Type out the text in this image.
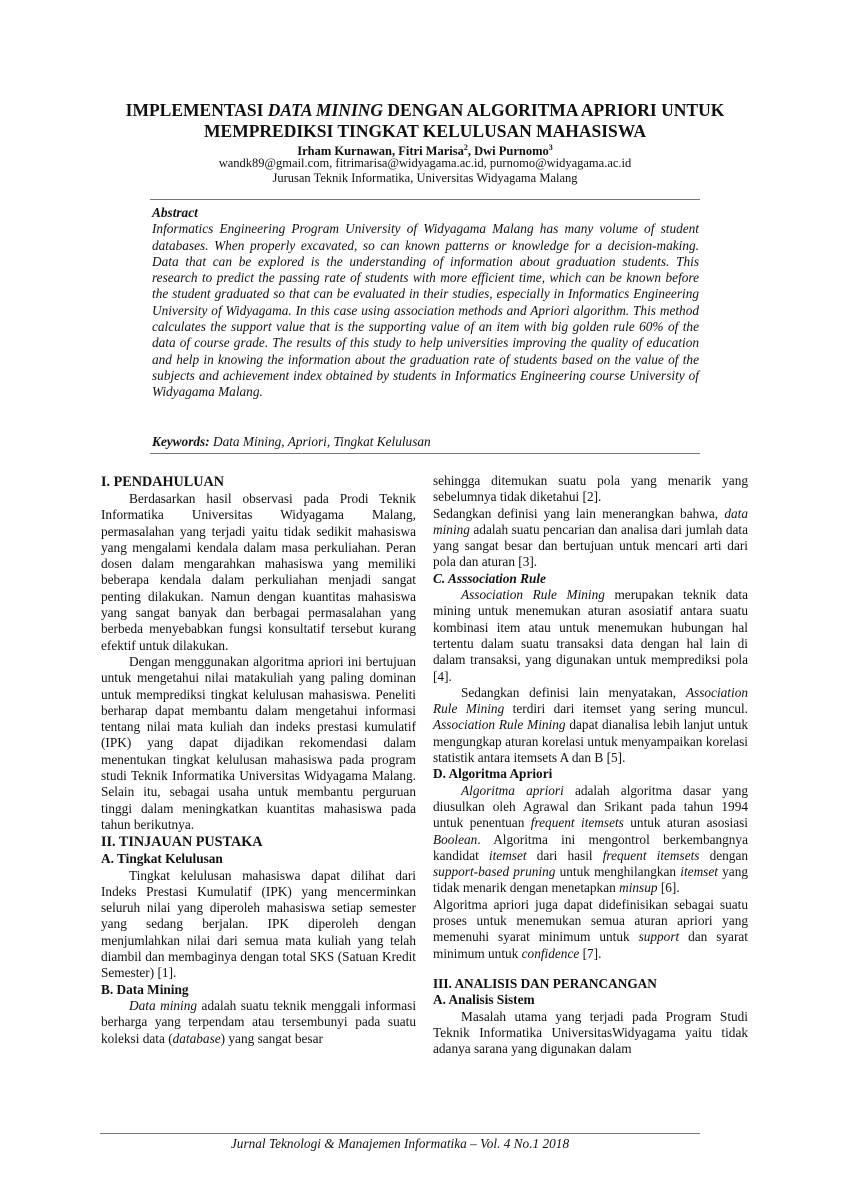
IMPLEMENTASI DATA MINING DENGAN ALGORITMA APRIORI UNTUK
MEMPREDIKSI TINGKAT KELULUSAN MAHASISWA
Irham Kurnawan, Fitri Marisa$^2$, Dwi Purnomo$^3$
wandk89@gmail.com, fitrimarisa@widyagama.ac.id, purnomo@widyagama.ac.id
Jurusan Teknik Informatika, Universitas Widyagama Malang
Abstract
Informatics Engineering Program University of Widyagama Malang has many volume of student databases. When properly excavated, so can known patterns or knowledge for a decision-making. Data that can be explored is the understanding of information about graduation students. This research to predict the passing rate of students with more efficient time, which can be known before the student graduated so that can be evaluated in their studies, especially in Informatics Engineering University of Widyagama. In this case using association methods and Apriori algorithm. This method calculates the support value that is the supporting value of an item with big golden rule 60% of the data of course grade. The results of this study to help universities improving the quality of education and help in knowing the information about the graduation rate of students based on the value of the subjects and achievement index obtained by students in Informatics Engineering course University of Widyagama Malang.
Keywords: Data Mining, Apriori, Tingkat Kelulusan

I. PENDAHULUAN

Berdasarkan hasil observasi pada Prodi Teknik Informatika Universitas Widyagama Malang, permasalahan yang terjadi yaitu tidak sedikit mahasiswa yang mengalami kendala dalam masa perkuliahan. Peran dosen dalam mengarahkan mahasiswa yang memiliki beberapa kendala dalam perkuliahan menjadi sangat penting dilakukan. Namun dengan kuantitas mahasiswa yang sangat banyak dan berbagai permasalahan yang berbeda menyebabkan fungsi konsultatif tersebut kurang efektif untuk dilakukan.

Dengan menggunakan algoritma apriori ini bertujuan untuk mengetahui nilai matakuliah yang paling dominan untuk memprediksi tingkat kelulusan mahasiswa. Peneliti berharap dapat membantu dalam mengetahui informasi tentang nilai mata kuliah dan indeks prestasi kumulatif (IPK) yang dapat dijadikan rekomendasi dalam menentukan tingkat kelulusan mahasiswa pada program studi Teknik Informatika Universitas Widyagama Malang. Selain itu, sebagai usaha untuk membantu perguruan tinggi dalam meningkatkan kuantitas mahasiswa pada tahun berikutnya.

II. TINJAUAN PUSTAKA

A. Tingkat Kelulusan

Tingkat kelulusan mahasiswa dapat dilihat dari Indeks Prestasi Kumulatif (IPK) yang mencerminkan seluruh nilai yang diperoleh mahasiswa setiap semester yang sedang berjalan. IPK diperoleh dengan menjumlahkan nilai dari semua mata kuliah yang telah diambil dan membaginya dengan total SKS (Satuan Kredit Semester) [1].

B. Data Mining

Data mining adalah suatu teknik menggali informasi berharga yang terpendam atau tersembunyi pada suatu koleksi data (database) yang sangat besar

sehingga ditemukan suatu pola yang menarik yang sebelumnya tidak diketahui [2].

Sedangkan definisi yang lain menerangkan bahwa, data mining adalah suatu pencarian dan analisa dari jumlah data yang sangat besar dan bertujuan untuk mencari arti dari pola dan aturan [3].

C. Asssociation Rule

Association Rule Mining merupakan teknik data mining untuk menemukan aturan asosiatif antara suatu kombinasi item atau untuk menemukan hubungan hal tertentu dalam suatu transaksi data dengan hal lain di dalam transaksi, yang digunakan untuk memprediksi pola [4].

Sedangkan definisi lain menyatakan, Association Rule Mining terdiri dari itemset yang sering muncul. Association Rule Mining dapat dianalisa lebih lanjut untuk mengungkap aturan korelasi untuk menyampaikan korelasi statistik antara itemsets A dan B [5].

D. Algoritma Apriori

Algoritma apriori adalah algoritma dasar yang diusulkan oleh Agrawal dan Srikant pada tahun 1994 untuk penentuan frequent itemsets untuk aturan asosiasi Boolean. Algoritma ini mengontrol berkembangnya kandidat itemset dari hasil frequent itemsets dengan support-based pruning untuk menghilangkan itemset yang tidak menarik dengan menetapkan minsup [6].

Algoritma apriori juga dapat didefinisikan sebagai suatu proses untuk menemukan semua aturan apriori yang memenuhi syarat minimum untuk support dan syarat minimum untuk confidence [7].

III. ANALISIS DAN PERANCANGAN

A. Analisis Sistem

Masalah utama yang terjadi pada Program Studi Teknik Informatika UniversitasWidyagama yaitu tidak adanya sarana yang digunakan dalam

Jurnal Teknologi & Manajemen Informatika – Vol. 4 No.1 2018
